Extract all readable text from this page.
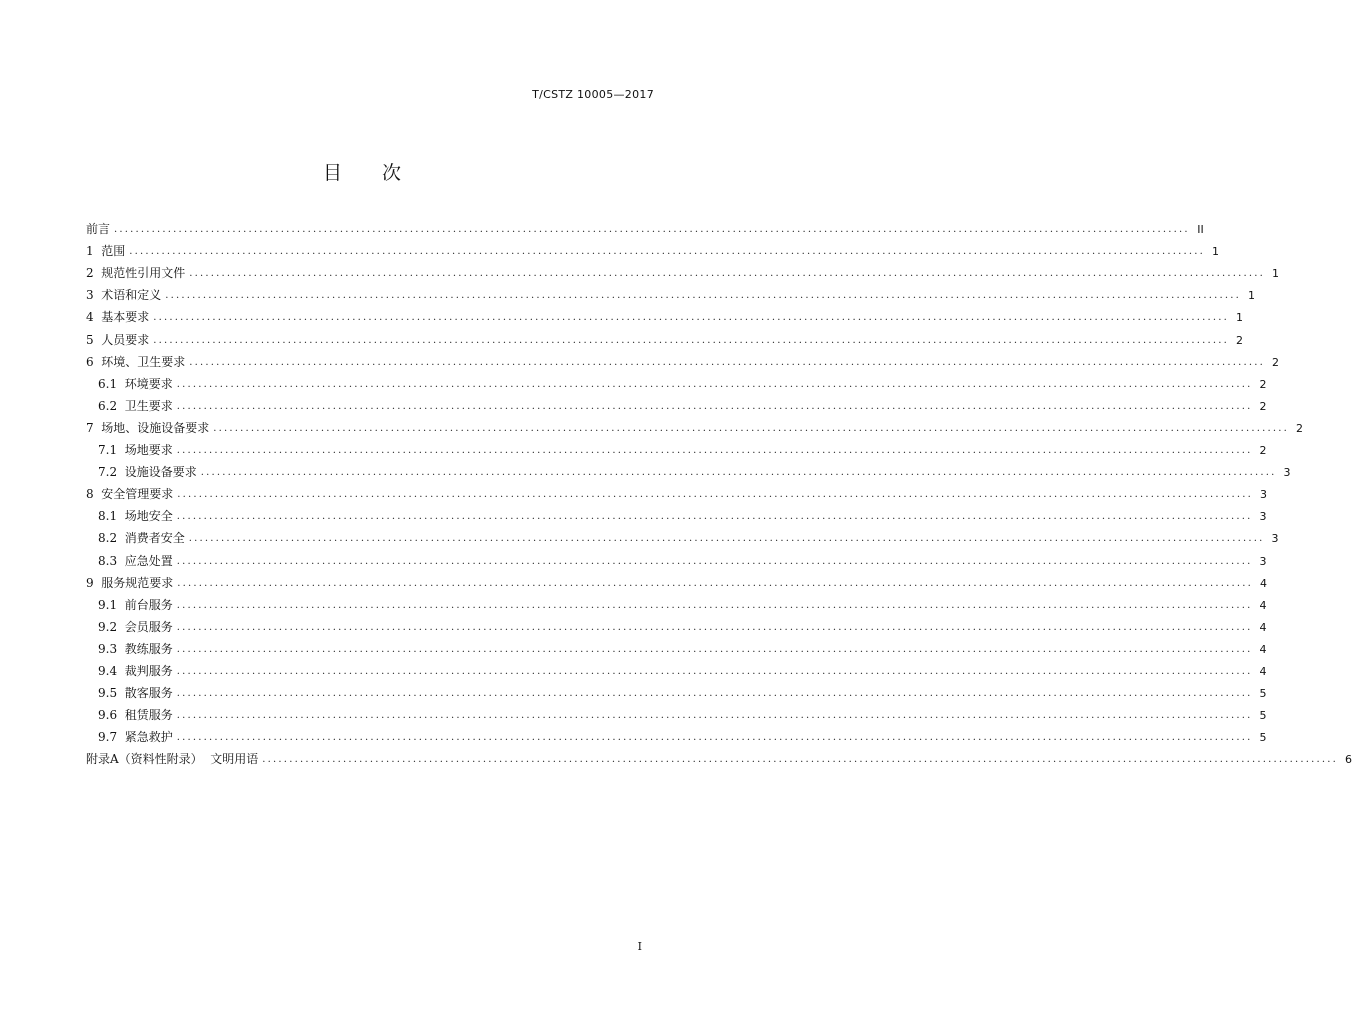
T/CSTZ 10005—2017
目 次
前言 ........................................................................................................................................................................................................ II
1  范围 ........................................................................................................................................................................................................ 1
2  规范性引用文件 ........................................................................................................................................................................................................ 1
3  术语和定义 ........................................................................................................................................................................................................ 1
4  基本要求 ........................................................................................................................................................................................................ 1
5  人员要求 ........................................................................................................................................................................................................ 2
6  环境、卫生要求 ........................................................................................................................................................................................................ 2
6.1  环境要求 ........................................................................................................................................................................................................ 2
6.2  卫生要求 ........................................................................................................................................................................................................ 2
7  场地、设施设备要求 ........................................................................................................................................................................................................ 2
7.1  场地要求 ........................................................................................................................................................................................................ 2
7.2  设施设备要求 ........................................................................................................................................................................................................ 3
8  安全管理要求 ........................................................................................................................................................................................................ 3
8.1  场地安全 ........................................................................................................................................................................................................ 3
8.2  消费者安全 ........................................................................................................................................................................................................ 3
8.3  应急处置 ........................................................................................................................................................................................................ 3
9  服务规范要求 ........................................................................................................................................................................................................ 4
9.1  前台服务 ........................................................................................................................................................................................................ 4
9.2  会员服务 ........................................................................................................................................................................................................ 4
9.3  教练服务 ........................................................................................................................................................................................................ 4
9.4  裁判服务 ........................................................................................................................................................................................................ 4
9.5  散客服务 ........................................................................................................................................................................................................ 5
9.6  租赁服务 ........................................................................................................................................................................................................ 5
9.7  紧急救护 ........................................................................................................................................................................................................ 5
附录A（资料性附录）  文明用语 ........................................................................................................................................................................................................ 6
I
